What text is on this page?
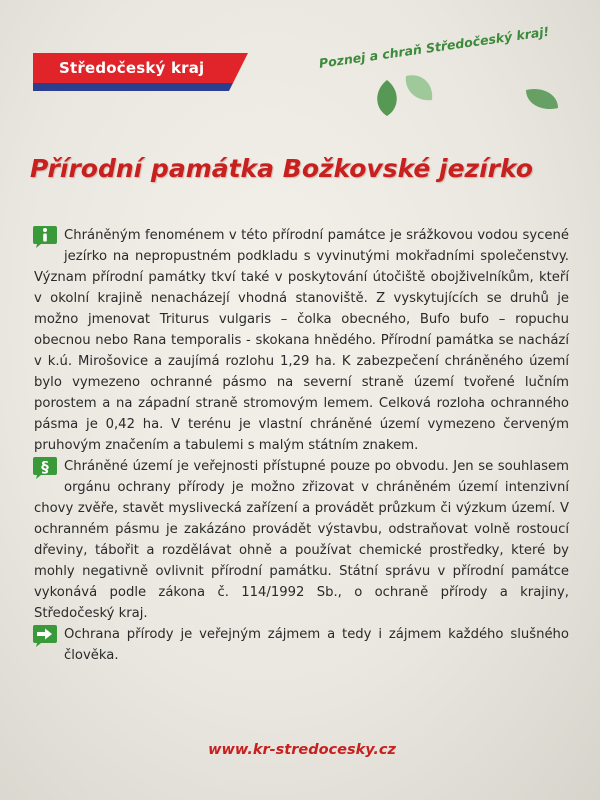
Středočeský kraj	Poznej a chraň Středočeský kraj!
Přírodní památka Božkovské jezírko
Chráněným fenoménem v této přírodní památce je srážkovou vodou sycené jezírko na nepropustném podkladu s vyvinutými mokřadními společenstvy. Význam přírodní památky tkví také v poskytování útočiště obojživelníkům, kteří v okolní krajině nenacházejí vhodná stanoviště. Z vyskytujících se druhů je možno jmenovat Triturus vulgaris – čolka obecného, Bufo bufo – ropuchu obecnou nebo Rana temporalis - skokana hnědého. Přírodní památka se nachází v k.ú. Mirošovice a zaujímá rozlohu 1,29 ha. K zabezpečení chráněného území bylo vymezeno ochranné pásmo na severní straně území tvořené lučním porostem a na západní straně stromovým lemem. Celková rozloha ochranného pásma je 0,42 ha. V terénu je vlastní chráněné území vymezeno červeným pruhovým značením a tabulemi s malým státním znakem.
§ Chráněné území je veřejnosti přístupné pouze po obvodu. Jen se souhlasem orgánu ochrany přírody je možno zřizovat v chráněném území intenzivní chovy zvěře, stavět myslivecká zařízení a provádět průzkum či výzkum území. V ochranném pásmu je zakázáno provádět výstavbu, odstraňovat volně rostoucí dřeviny, tábořit a rozdělávat ohně a používat chemické prostředky, které by mohly negativně ovlivnit přírodní památku. Státní správu v přírodní památce vykonává podle zákona č. 114/1992 Sb., o ochraně přírody a krajiny, Středočeský kraj.
Ochrana přírody je veřejným zájmem a tedy i zájmem každého slušného člověka.
www.kr-stredocesky.cz
